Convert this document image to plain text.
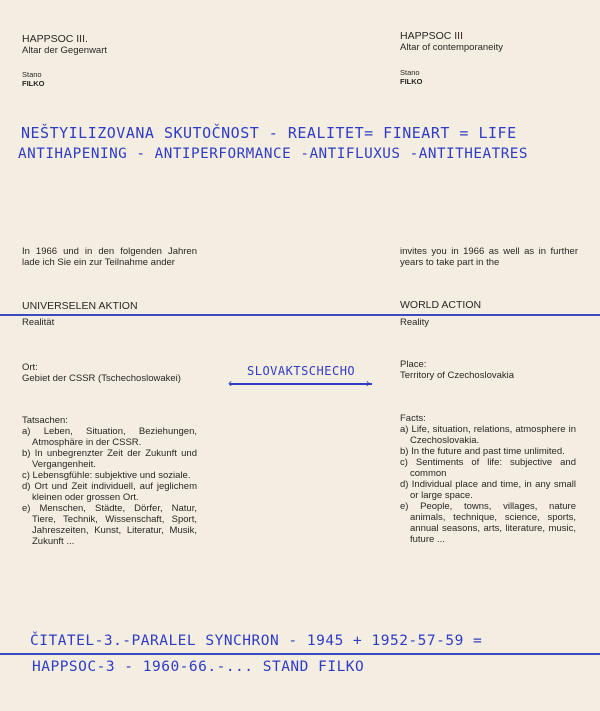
HAPPSOC III.
Altar der Gegenwart
Stano
FILKO
HAPPSOC III
Altar of contemporaneity
Stano
FILKO
NEŠTYILIZOVANA SKUTOČNOST - REALITET= FINEART = LIFE
ANTIHAPENING - ANTIPERFORMANCE -ANTIFLUXUS -ANTITHEATRES
In 1966 und in den folgenden Jahren lade ich Sie ein zur Teilnahme ander
invites you in 1966 as well as in further years to take part in the
UNIVERSELEN AKTION
Realität
WORLD ACTION
Reality
Ort:
Gebiet der CSSR (Tschechoslowakei)
Place:
Territory of Czechoslovakia
SLOVAKTSCHECHO
‹	›
Tatsachen:
a) Leben, Situation, Beziehungen, Atmosphäre in der CSSR.
b) In unbegrenzter Zeit der Zukunft und Vergangenheit.
c) Lebensgfühle: subjektive und soziale.
d) Ort und Zeit individuell, auf jeglichem kleinen oder grossen Ort.
e) Menschen, Städte, Dörfer, Natur, Tiere, Technik, Wissenschaft, Sport, Jahreszeiten, Kunst, Literatur, Musik, Zukunft ...
Facts:
a) Life, situation, relations, atmosphere in Czechoslovakia.
b) In the future and past time unlimited.
c) Sentiments of life: subjective and common
d) Individual place and time, in any small or large space.
e) People, towns, villages, nature animals, technique, science, sports, annual seasons, arts, literature, music, future ...
ČITATEL-3.-PARALEL SYNCHRON - 1945 + 1952-57-59 =
HAPPSOC-3 - 1960-66.-... STAND FILKO
